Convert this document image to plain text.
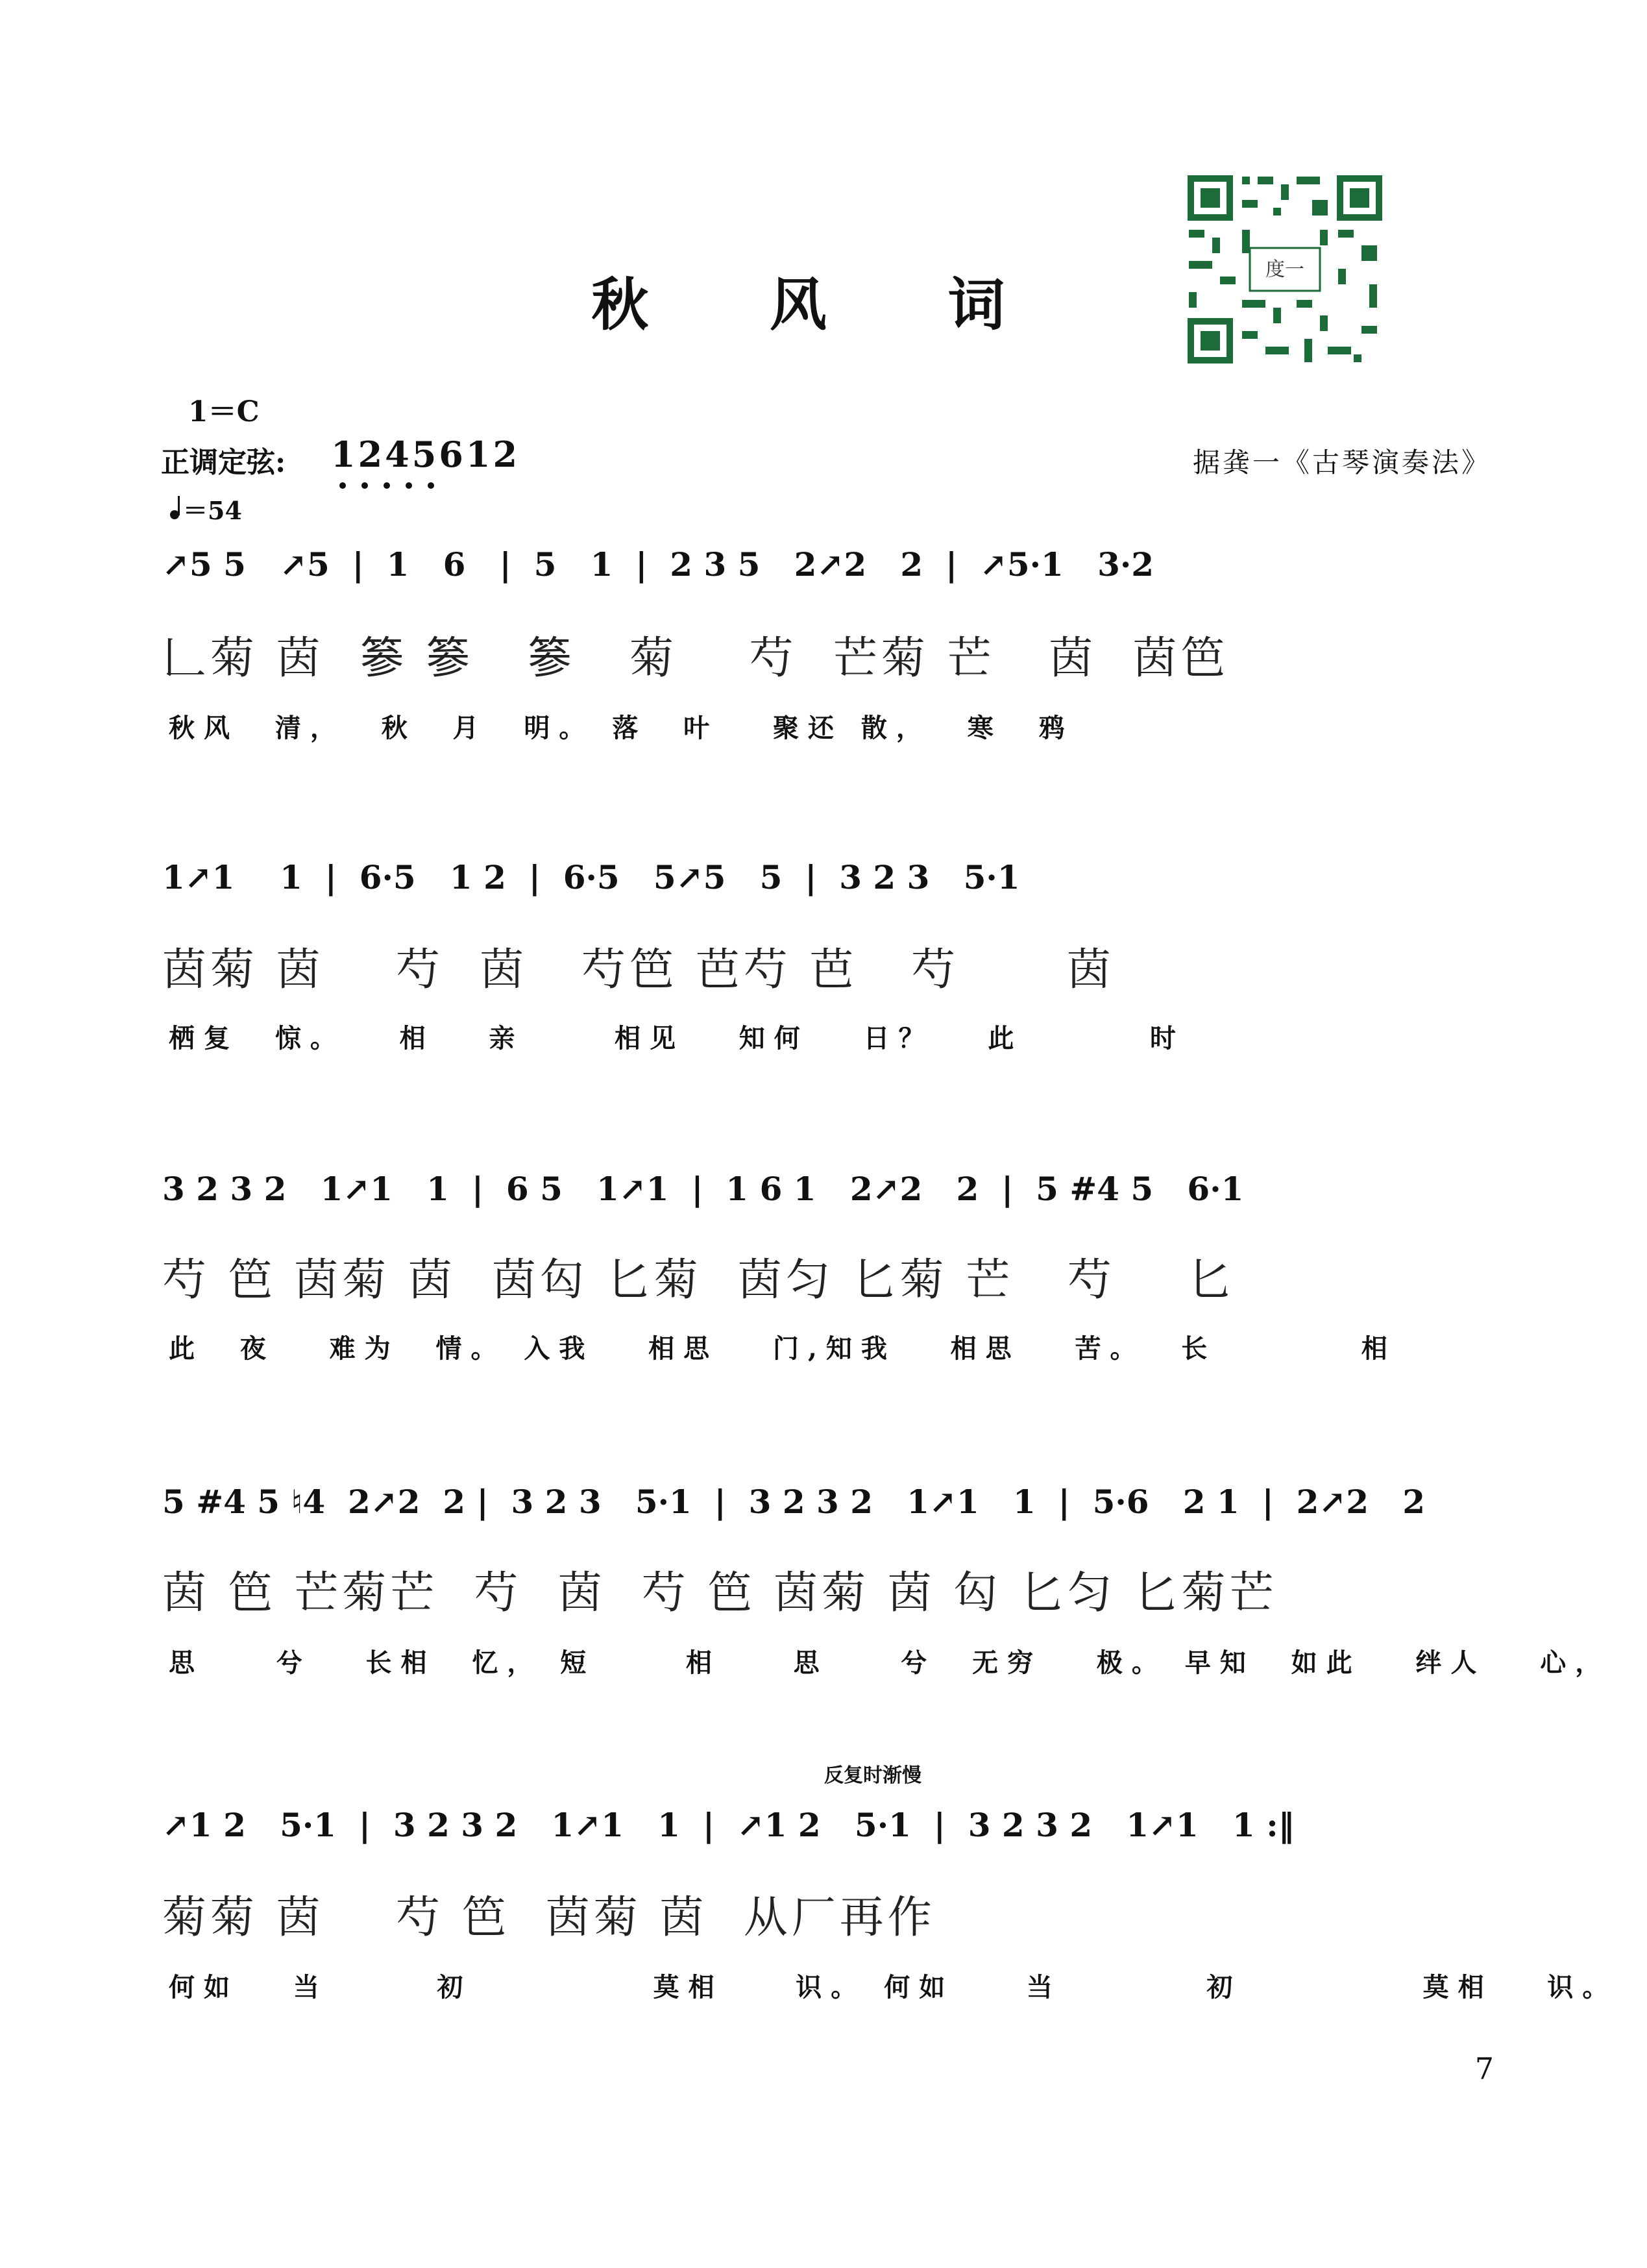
秋 风 词
度一
1＝C
正调定弦: 1245612
＝54
据龚一《古琴演奏法》
↗5 5   ↗5  |  1   6   |  5   1  |  2 3 5   2↗2   2  |  ↗5·1   3·2
𠃊菊 茵  𥮾 𥮾   𥮾   菊    芍  芒菊 芒   茵  茵笆
秋风  清，  秋  月  明。 落  叶   聚还 散，  寒  鸦
1↗1    1  |  6·5   1 2  |  6·5   5↗5   5  |  3 2 3   5·1
茵菊 茵    芍  茵   芍笆 芭芍 芭   芍      茵
栖复  惊。   相   亲     相见   知何   日？   此       时
3 2 3 2   1↗1   1  |  6 5   1↗1  |  1 6 1   2↗2   2  |  5 #4 5   6·1
芍 笆 茵菊 茵  茵匃 匕菊  茵匀 匕菊 芒   芍    匕
此  夜   难为  情。 入我   相思   门,知我   相思   苦。  长        相
5 #4 5 ♮4  2↗2  2 |  3 2 3   5·1  |  3 2 3 2   1↗1   1  |  5·6   2 1  |  2↗2   2
茵 笆 芒菊芒  芍  茵  芍 笆 茵菊 茵 匃 匕匀 匕菊芒
思    兮   长相  忆， 短     相    思    兮  无穷   极。 早知  如此   绊人   心，
反复时渐慢
↗1 2   5·1  |  3 2 3 2   1↗1   1  |  ↗1 2   5·1  |  3 2 3 2   1↗1   1 :‖
菊菊 茵    芍 笆  茵菊 茵  从厂再作
何如   当      初          莫相    识。 何如    当        初          莫相   识。
7
